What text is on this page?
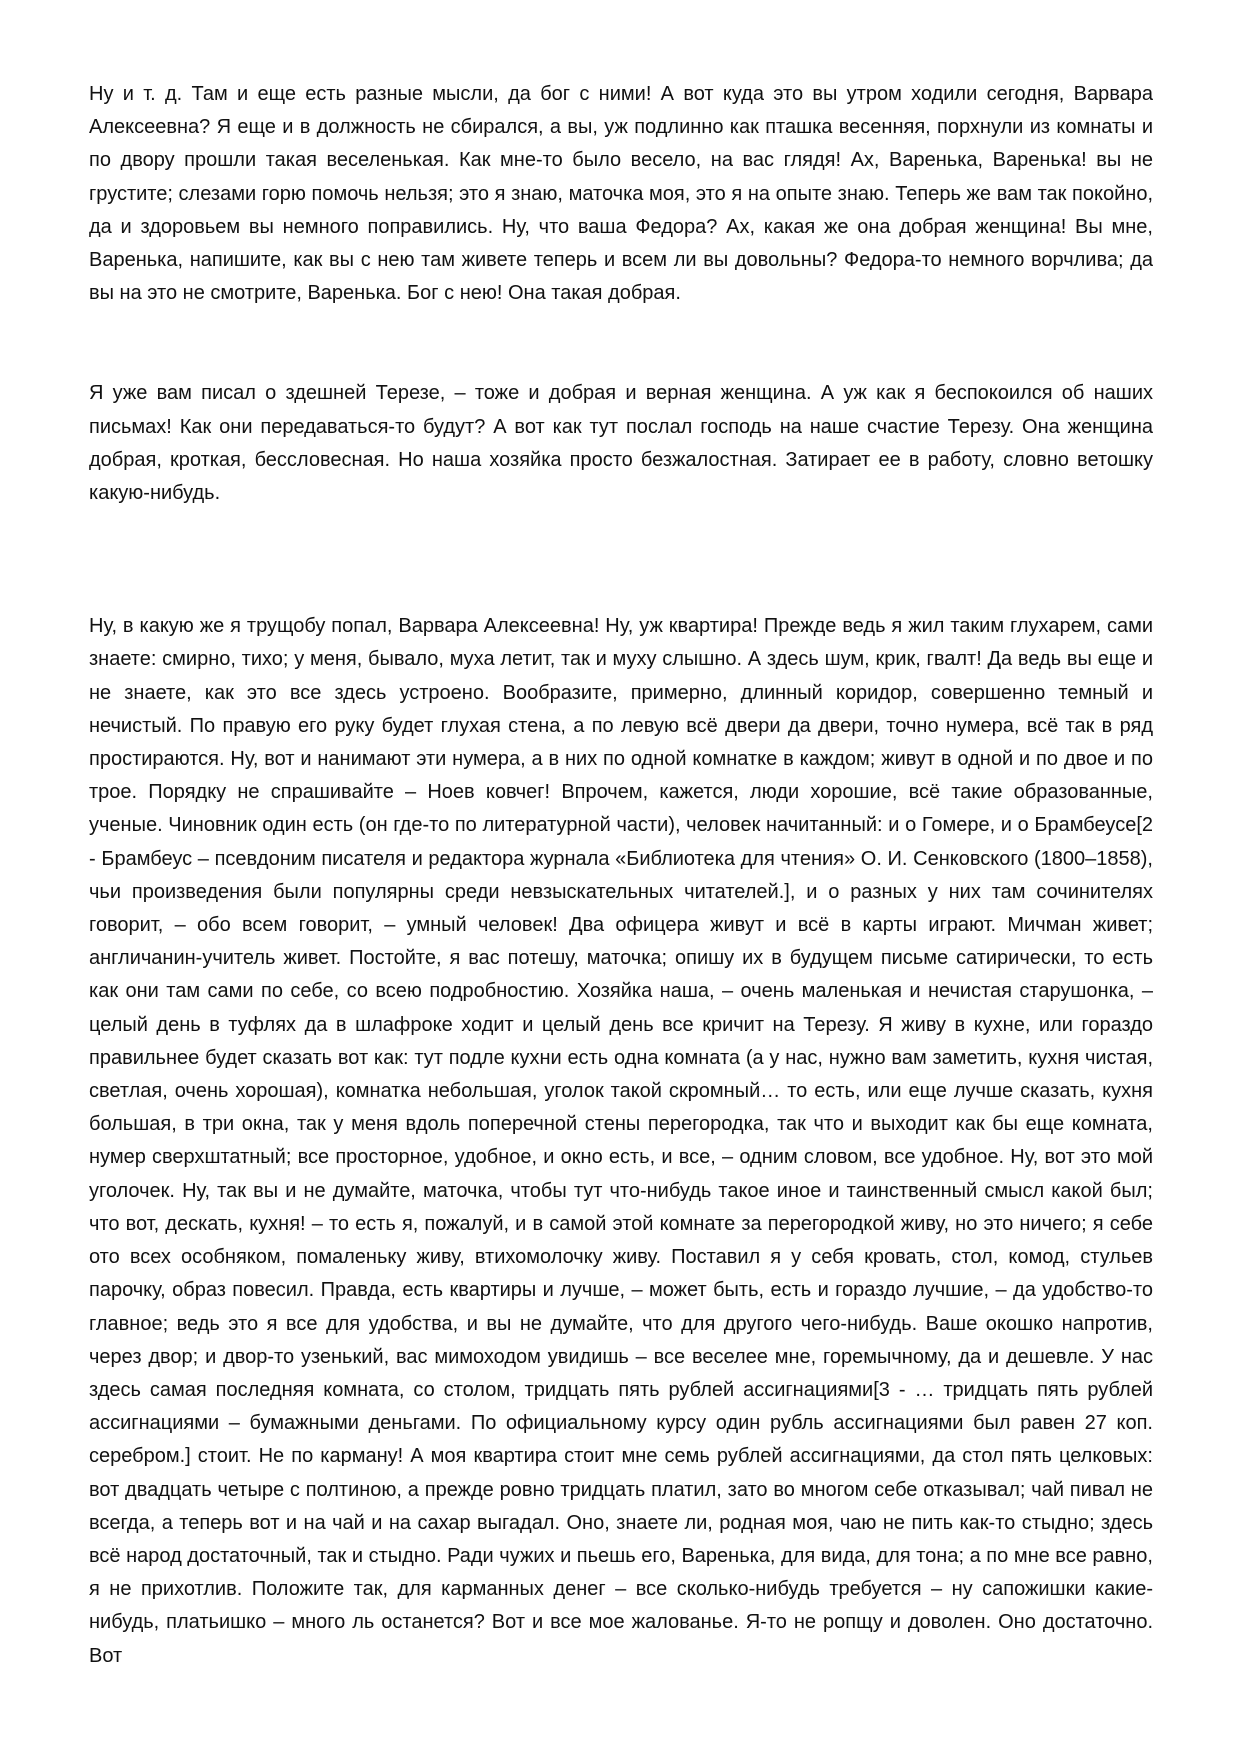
Ну и т. д. Там и еще есть разные мысли, да бог с ними! А вот куда это вы утром ходили сегодня, Варвара Алексеевна? Я еще и в должность не сбирался, а вы, уж подлинно как пташка весенняя, порхнули из комнаты и по двору прошли такая веселенькая. Как мне-то было весело, на вас глядя! Ах, Варенька, Варенька! вы не грустите; слезами горю помочь нельзя; это я знаю, маточка моя, это я на опыте знаю. Теперь же вам так покойно, да и здоровьем вы немного поправились. Ну, что ваша Федора? Ах, какая же она добрая женщина! Вы мне, Варенька, напишите, как вы с нею там живете теперь и всем ли вы довольны? Федора-то немного ворчлива; да вы на это не смотрите, Варенька. Бог с нею! Она такая добрая.

Я уже вам писал о здешней Терезе, – тоже и добрая и верная женщина. А уж как я беспокоился об наших письмах! Как они передаваться-то будут? А вот как тут послал господь на наше счастие Терезу. Она женщина добрая, кроткая, бессловесная. Но наша хозяйка просто безжалостная. Затирает ее в работу, словно ветошку какую-нибудь.

Ну, в какую же я трущобу попал, Варвара Алексеевна! Ну, уж квартира! Прежде ведь я жил таким глухарем, сами знаете: смирно, тихо; у меня, бывало, муха летит, так и муху слышно. А здесь шум, крик, гвалт! Да ведь вы еще и не знаете, как это все здесь устроено. Вообразите, примерно, длинный коридор, совершенно темный и нечистый. По правую его руку будет глухая стена, а по левую всё двери да двери, точно нумера, всё так в ряд простираются. Ну, вот и нанимают эти нумера, а в них по одной комнатке в каждом; живут в одной и по двое и по трое. Порядку не спрашивайте – Ноев ковчег! Впрочем, кажется, люди хорошие, всё такие образованные, ученые. Чиновник один есть (он где-то по литературной части), человек начитанный: и о Гомере, и о Брамбеусе[2 - Брамбеус – псевдоним писателя и редактора журнала «Библиотека для чтения» О. И. Сенковского (1800–1858), чьи произведения были популярны среди невзыскательных читателей.], и о разных у них там сочинителях говорит, – обо всем говорит, – умный человек! Два офицера живут и всё в карты играют. Мичман живет; англичанин-учитель живет. Постойте, я вас потешу, маточка; опишу их в будущем письме сатирически, то есть как они там сами по себе, со всею подробностию. Хозяйка наша, – очень маленькая и нечистая старушонка, – целый день в туфлях да в шлафроке ходит и целый день все кричит на Терезу. Я живу в кухне, или гораздо правильнее будет сказать вот как: тут подле кухни есть одна комната (а у нас, нужно вам заметить, кухня чистая, светлая, очень хорошая), комнатка небольшая, уголок такой скромный… то есть, или еще лучше сказать, кухня большая, в три окна, так у меня вдоль поперечной стены перегородка, так что и выходит как бы еще комната, нумер сверхштатный; все просторное, удобное, и окно есть, и все, – одним словом, все удобное. Ну, вот это мой уголочек. Ну, так вы и не думайте, маточка, чтобы тут что-нибудь такое иное и таинственный смысл какой был; что вот, дескать, кухня! – то есть я, пожалуй, и в самой этой комнате за перегородкой живу, но это ничего; я себе ото всех особняком, помаленьку живу, втихомолочку живу. Поставил я у себя кровать, стол, комод, стульев парочку, образ повесил. Правда, есть квартиры и лучше, – может быть, есть и гораздо лучшие, – да удобство-то главное; ведь это я все для удобства, и вы не думайте, что для другого чего-нибудь. Ваше окошко напротив, через двор; и двор-то узенький, вас мимоходом увидишь – все веселее мне, горемычному, да и дешевле. У нас здесь самая последняя комната, со столом, тридцать пять рублей ассигнациями[3 - … тридцать пять рублей ассигнациями – бумажными деньгами. По официальному курсу один рубль ассигнациями был равен 27 коп. серебром.] стоит. Не по карману! А моя квартира стоит мне семь рублей ассигнациями, да стол пять целковых: вот двадцать четыре с полтиною, а прежде ровно тридцать платил, зато во многом себе отказывал; чай пивал не всегда, а теперь вот и на чай и на сахар выгадал. Оно, знаете ли, родная моя, чаю не пить как-то стыдно; здесь всё народ достаточный, так и стыдно. Ради чужих и пьешь его, Варенька, для вида, для тона; а по мне все равно, я не прихотлив. Положите так, для карманных денег – все сколько-нибудь требуется – ну сапожишки какие-нибудь, платьишко – много ль останется? Вот и все мое жалованье. Я-то не ропщу и доволен. Оно достаточно. Вот
